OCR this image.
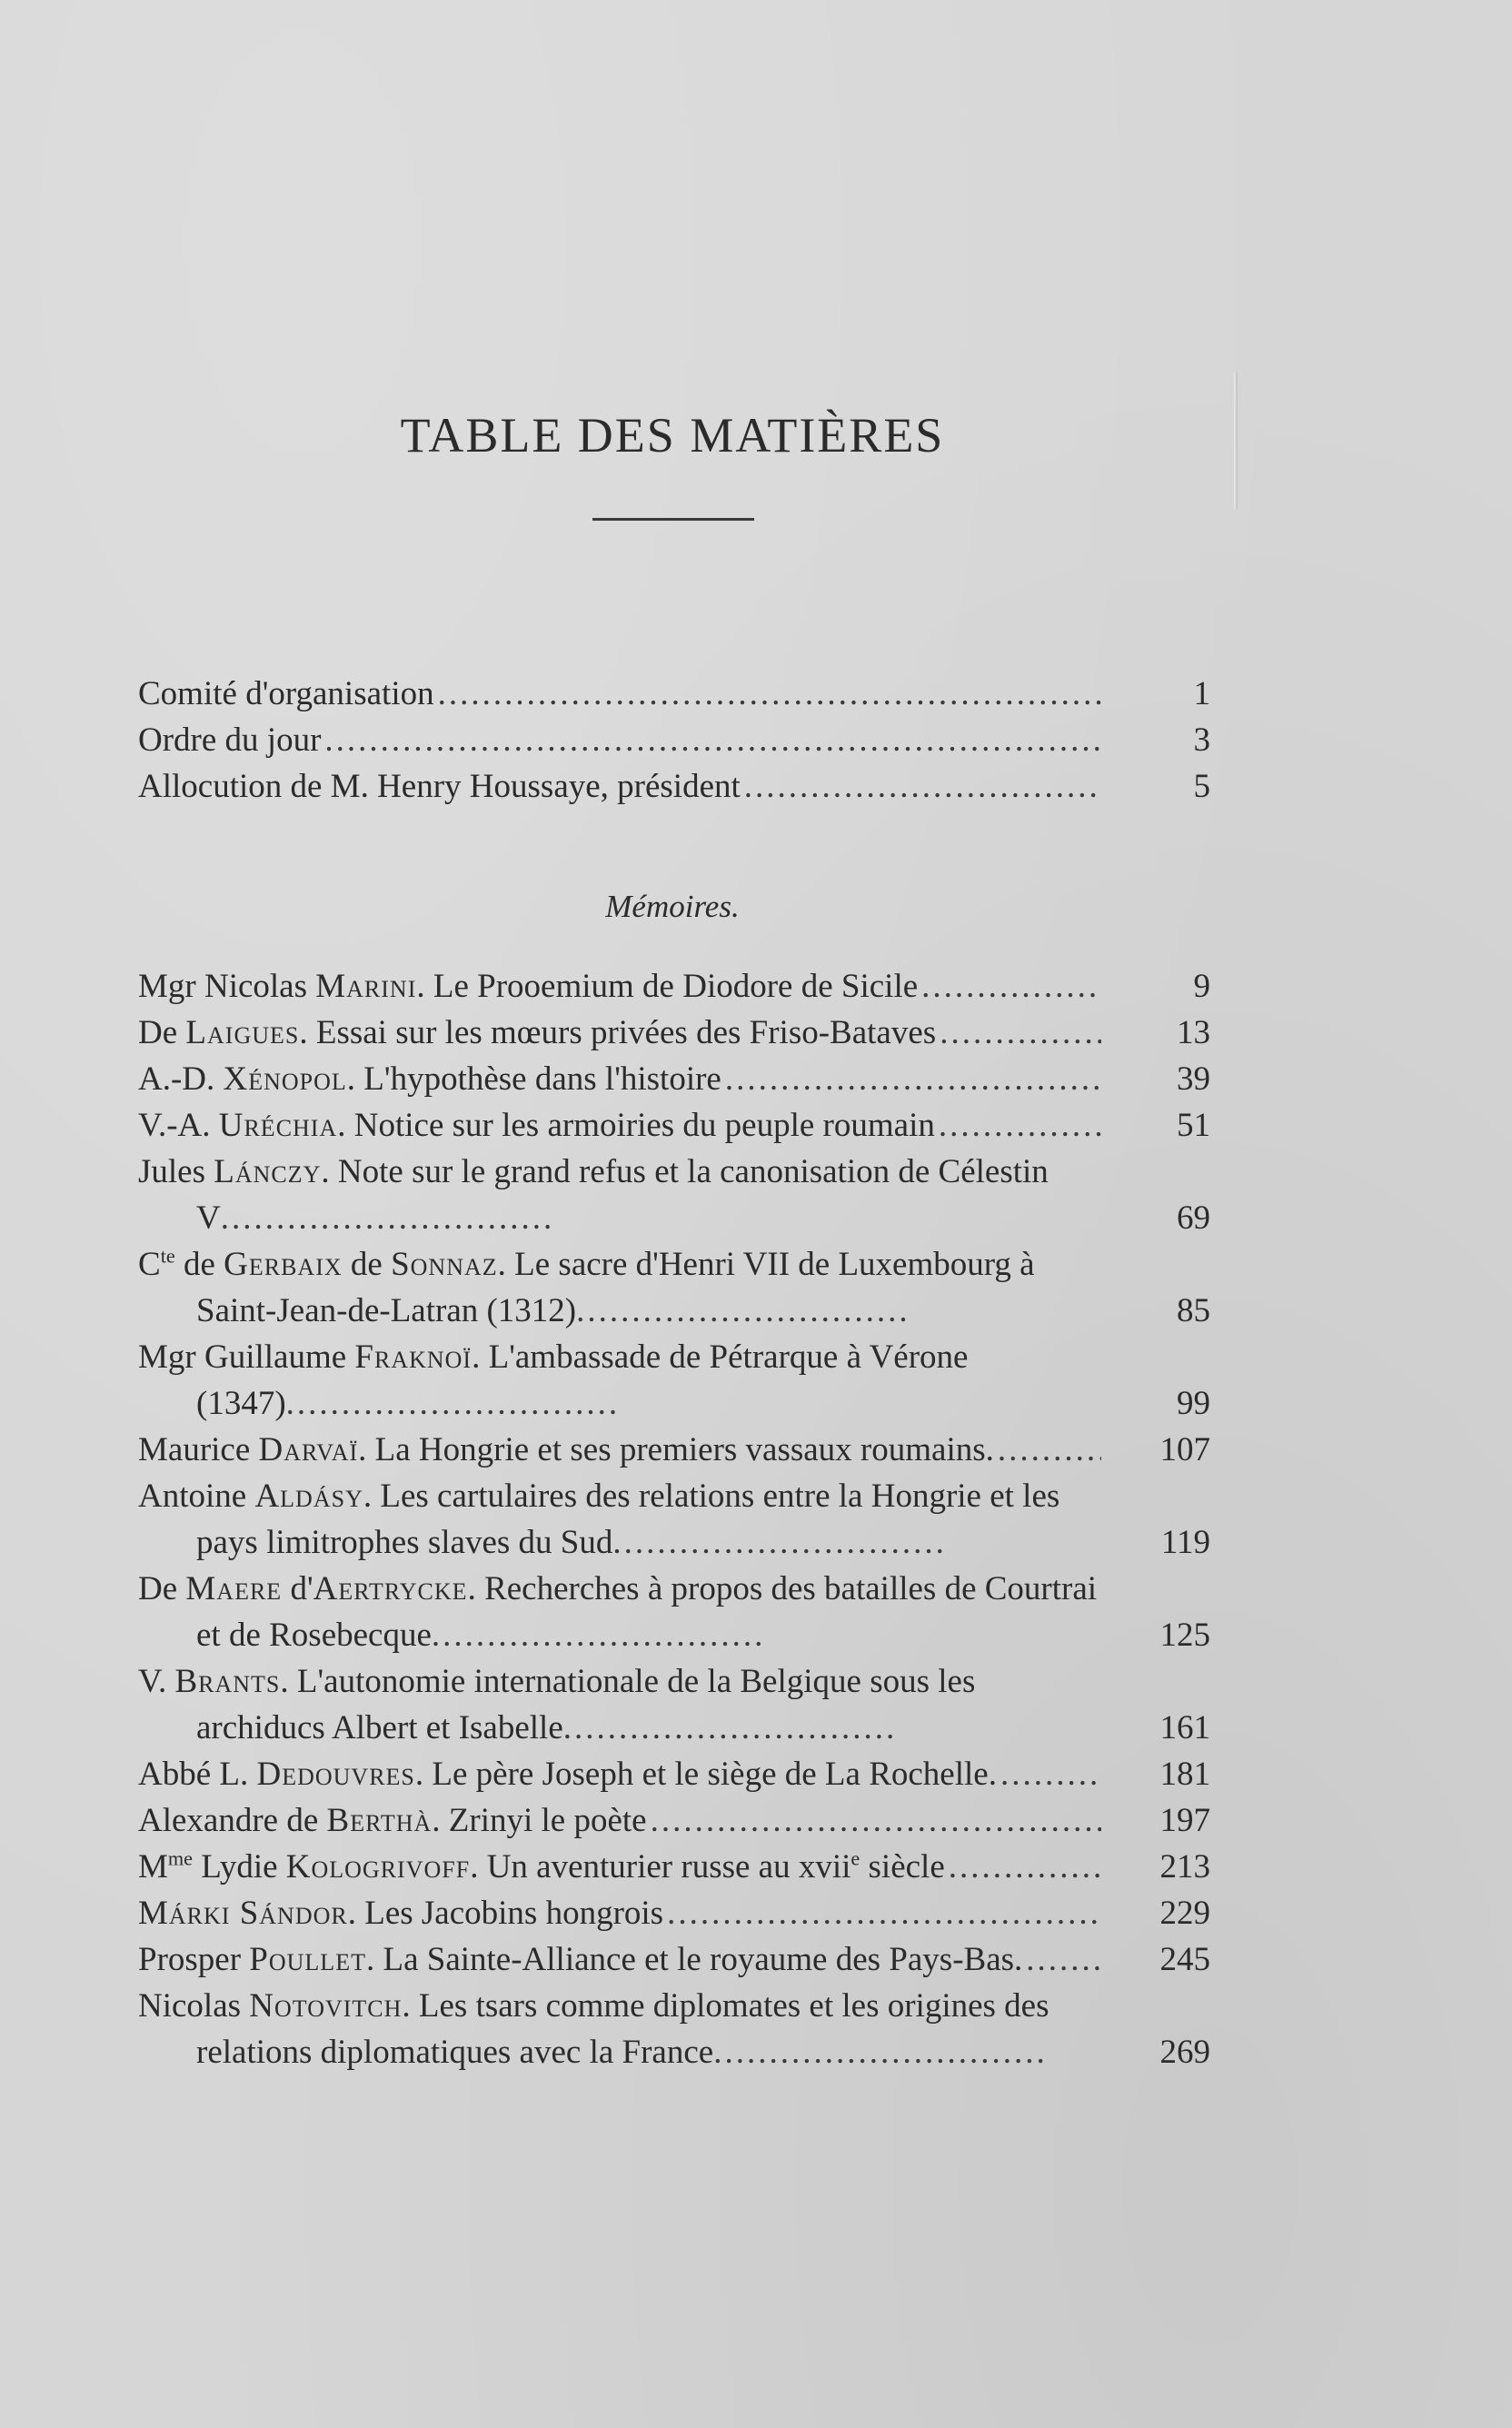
TABLE DES MATIÈRES
Comité d'organisation .....	1
Ordre du jour .....	3
Allocution de M. Henry Houssaye, président .....	5
Mémoires.
Mgr Nicolas Marini. Le Prooemium de Diodore de Sicile .....	9
De Laigues. Essai sur les mœurs privées des Friso-Bataves .....	13
A.-D. Xénopol. L'hypothèse dans l'histoire .....	39
V.-A. Uréchia. Notice sur les armoiries du peuple roumain .....	51
Jules Lánczy. Note sur le grand refus et la canonisation de Célestin V..............................	69
$C^{te}$ de Gerbaix de Sonnaz. Le sacre d'Henri VII de Luxembourg à Saint-Jean-de-Latran (1312)..............................	85
Mgr Guillaume Fraknoï. L'ambassade de Pétrarque à Vérone (1347)..............................	99
Maurice Darvaï. La Hongrie et ses premiers vassaux roumains. .....	107
Antoine Aldásy. Les cartulaires des relations entre la Hongrie et les pays limitrophes slaves du Sud..............................	119
De Maere d'Aertrycke. Recherches à propos des batailles de Courtrai et de Rosebecque..............................	125
V. Brants. L'autonomie internationale de la Belgique sous les archiducs Albert et Isabelle..............................	161
Abbé L. Dedouvres. Le père Joseph et le siège de La Rochelle. .....	181
Alexandre de Berthà. Zrinyi le poète .....	197
$M^{me}$ Lydie Kologrivoff. Un aventurier russe au xvii$^e$ siècle .....	213
Márki Sándor. Les Jacobins hongrois .....	229
Prosper Poullet. La Sainte-Alliance et le royaume des Pays-Bas. .....	245
Nicolas Notovitch. Les tsars comme diplomates et les origines des relations diplomatiques avec la France..............................	269
